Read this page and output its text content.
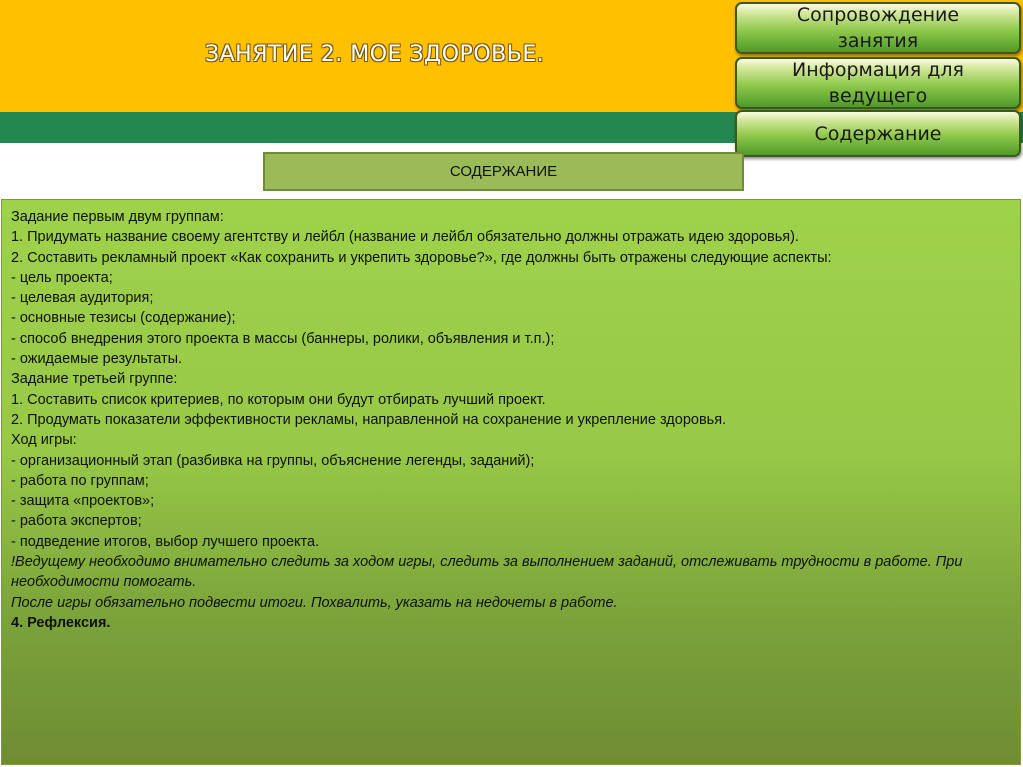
ЗАНЯТИЕ 2. МОЕ ЗДОРОВЬЕ.
Сопровождение
занятия
Информация для
ведущего
Содержание
СОДЕРЖАНИЕ
Задание первым двум группам:
1. Придумать название своему агентству и лейбл (название и лейбл обязательно должны отражать идею здоровья).
2. Составить рекламный проект «Как сохранить и укрепить здоровье?», где должны быть отражены следующие аспекты:
- цель проекта;
- целевая аудитория;
- основные тезисы (содержание);
- способ внедрения этого проекта в массы (баннеры, ролики, объявления и т.п.);
- ожидаемые результаты.
Задание третьей группе:
1. Составить список критериев, по которым они будут отбирать лучший проект.
2. Продумать показатели эффективности рекламы, направленной на сохранение и укрепление здоровья.
Ход игры:
- организационный этап (разбивка на группы, объяснение легенды, заданий);
- работа по группам;
- защита «проектов»;
- работа экспертов;
- подведение итогов, выбор лучшего проекта.
!Ведущему необходимо внимательно следить за ходом игры, следить за выполнением заданий, отслеживать трудности в работе. При необходимости помогать.
После игры обязательно подвести итоги. Похвалить, указать на недочеты в работе.
4. Рефлексия.
